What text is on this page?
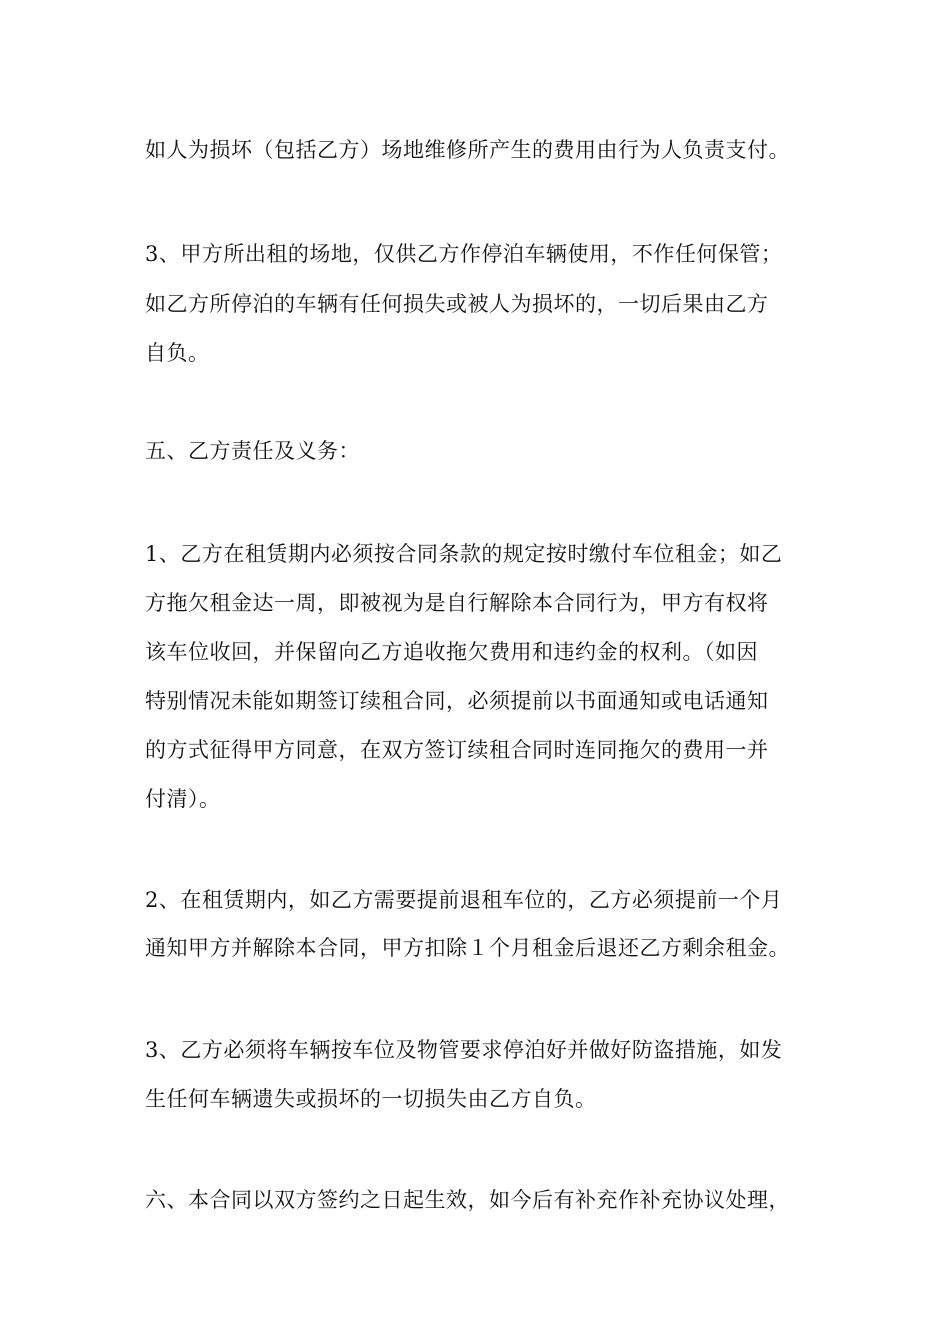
如人为损坏（包括乙方）场地维修所产生的费用由行为人负责支付。
3、甲方所出租的场地，仅供乙方作停泊车辆使用，不作任何保管；
如乙方所停泊的车辆有任何损失或被人为损坏的，一切后果由乙方
自负。
五、乙方责任及义务：
1、乙方在租赁期内必须按合同条款的规定按时缴付车位租金；如乙
方拖欠租金达一周，即被视为是自行解除本合同行为，甲方有权将
该车位收回，并保留向乙方追收拖欠费用和违约金的权利。（如因
特别情况未能如期签订续租合同，必须提前以书面通知或电话通知
的方式征得甲方同意，在双方签订续租合同时连同拖欠的费用一并
付清）。
2、在租赁期内，如乙方需要提前退租车位的，乙方必须提前一个月
通知甲方并解除本合同，甲方扣除１个月租金后退还乙方剩余租金。
3、乙方必须将车辆按车位及物管要求停泊好并做好防盗措施，如发
生任何车辆遗失或损坏的一切损失由乙方自负。
六、本合同以双方签约之日起生效，如今后有补充作补充协议处理，
